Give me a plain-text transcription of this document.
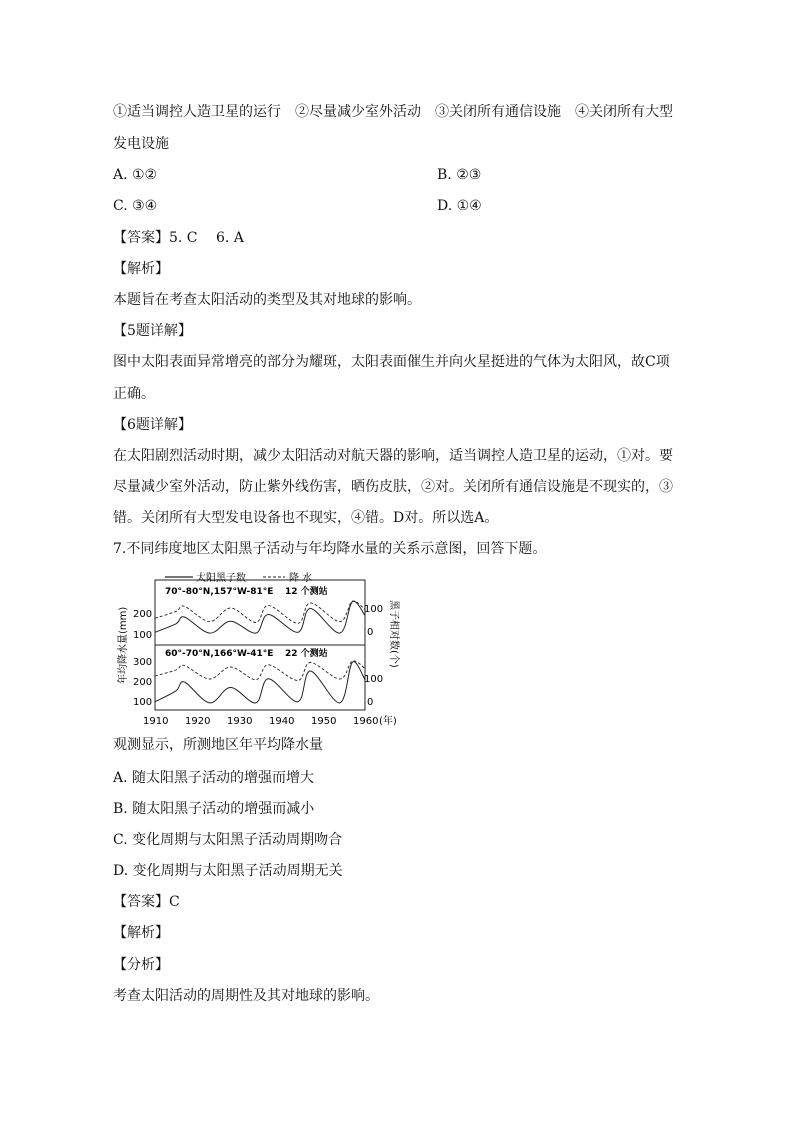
①适当调控人造卫星的运行　②尽量减少室外活动　③关闭所有通信设施　④关闭所有大型
发电设施
A. ①②	B. ②③
C. ③④	D. ①④
【答案】5. C　 6. A
【解析】
本题旨在考查太阳活动的类型及其对地球的影响。
【5题详解】
图中太阳表面异常增亮的部分为耀斑，太阳表面催生并向火星挺进的气体为太阳风，故C项
正确。
【6题详解】
在太阳剧烈活动时期，减少太阳活动对航天器的影响，适当调控人造卫星的运动，①对。要
尽量减少室外活动，防止紫外线伤害，晒伤皮肤，②对。关闭所有通信设施是不现实的，③
错。关闭所有大型发电设备也不现实，④错。D对。所以选A。
7.不同纬度地区太阳黑子活动与年均降水量的关系示意图，回答下题。
太阳黑子数	降 水
70°-80°N,157°W-81°E 12 个测站
60°-70°N,166°W-41°E 22 个测站
200
100
300
200
100
100
0
100
0
年均降水量(mm)	黑子相对数(个)
1910 1920 1930 1940 1950 1960 (年)
观测显示，所测地区年平均降水量
A. 随太阳黑子活动的增强而增大
B. 随太阳黑子活动的增强而减小
C. 变化周期与太阳黑子活动周期吻合
D. 变化周期与太阳黑子活动周期无关
【答案】C
【解析】
【分析】
考查太阳活动的周期性及其对地球的影响。
